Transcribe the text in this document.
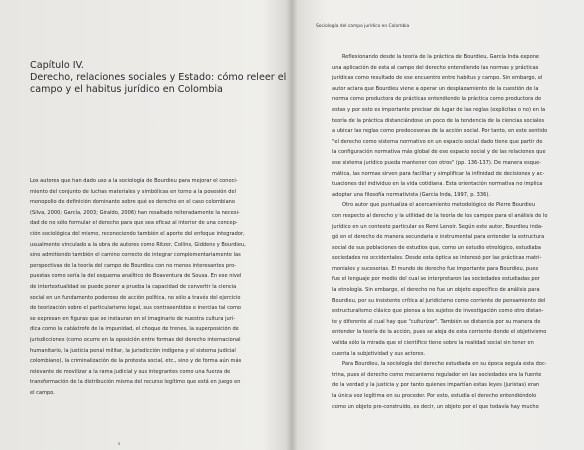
Capítulo IV.
Derecho, relaciones sociales y Estado: cómo releer el
campo y el habitus jurídico en Colombia
Los autores que han dado uso a la sociología de Bourdieu para mejorar el conoci-
miento del conjunto de luchas materiales y simbólicas en torno a la posesión del
monopolio de definición dominante sobre qué es derecho en el caso colombiano
(Silva, 2000; García, 2003; Giraldo, 2006) han resaltado reiteradamente la necesi-
dad de no sólo formular el derecho para que sea eficaz al interior de una concep-
ción sociológica del mismo, reconociendo también el aporte del enfoque integrador,
usualmente vinculado a la obra de autores como Ritzer, Collins, Giddens y Bourdieu,
sino admitiendo también el camino correcto de integrar complementariamente las
perspectivas de la teoría del campo de Bourdieu con no menos interesantes pro-
puestas como sería la del esquema analítico de Boaventura de Sousa. En ese nivel
de intertextualidad se puede poner a prueba la capacidad de convertir la ciencia
social en un fundamento poderoso de acción política, no sólo a través del ejercicio
de teorización sobre el particularismo legal, sus contrasentidos e inercias tal como
se expresan en figuras que se instauran en el imaginario de nuestra cultura jurí-
dica como la catástrofe de la impunidad, el choque de trenes, la superposición de
jurisdicciones (como ocurre en la oposición entre formas del derecho internacional
humanitario, la justicia penal militar, la jurisdicción indígena y el sistema judicial
colombiano), la criminalización de la protesta social, etc., sino y de forma aún más
relevante de movilizar a la rama judicial y sus integrantes como una fuerza de
transformación de la distribución misma del recurso legítimo que está en juego en
el campo.
s
Sociología del campo jurídico en Colombia
Reflexionando desde la teoría de la práctica de Bourdieu, García Inda expone
una aplicación de esta al campo del derecho entendiendo las normas y prácticas
jurídicas como resultado de ese encuentro entre habitus y campo. Sin embargo, el
autor aclara que Bourdieu viene a operar un desplazamiento de la cuestión de la
norma como productora de prácticas entendiendo la práctica como productora de
estas y por esto es importante precisar de lugar de las reglas (explícitas o no) en la
teoría de la práctica distanciándose un poco de la tendencia de la ciencias sociales
a ubicar las reglas como predecesoras de la acción social. Por tanto, en este sentido
"el derecho como sistema normativo en un espacio social dado tiene que partir de
la configuración normativa más global de ese espacio social y de las relaciones que
ese sistema jurídico pueda mantener con otros" (pp. 136-137). De manera esque-
mática, las normas sirven para facilitar y simplificar la infinidad de decisiones y ac-
tuaciones del individuo en la vida cotidiana. Esta orientación normativa no implica
adoptar una filosofía normativista (García Inda, 1997, p. 336).
Otro autor que puntualiza el acercamiento metodológico de Pierre Bourdieu
con respecto al derecho y la utilidad de la teoría de los campos para el análisis de lo
jurídico en un contexto particular es Remi Lenoir. Según este autor, Bourdieu inda-
gó en el derecho de manera secundaria e instrumental para entender la estructura
social de sus poblaciones de estudios que, como un estudio etnológico, estudiaba
sociedades no occidentales. Desde esta óptica se interesó por las prácticas matri-
moniales y sucesorias. El mundo de derecho fue importante para Bourdieu, pues
fue el lenguaje por medio del cual se interpretaron las sociedades estudiadas por
la etnología. Sin embargo, el derecho no fue un objeto específico de análisis para
Bourdieu, por su insistente crítica al juridicismo como corriente de pensamiento del
estructuralismo clásico que piensa a los sujetos de investigación como otro distan-
te y diferente al cual hay que "culturizar". También se distancia por su manera de
entender la teoría de la acción, pues se aleja de esta corriente donde el objetivismo
valida sólo la mirada que el científico tiene sobre la realidad social sin tener en
cuenta la subjetividad y sus actores.
Para Bourdieu, la sociología del derecho estudiada en su época seguía esta doc-
trina, pues el derecho como mecanismo regulador en las sociedades era la fuente
de la verdad y la justicia y por tanto quienes impartían estas leyes (juristas) eran
la única voz legítima en su proceder. Por esto, estudia el derecho entendiéndolo
como un objeto pre-construido, es decir, un objeto por el que todavía hay mucho
